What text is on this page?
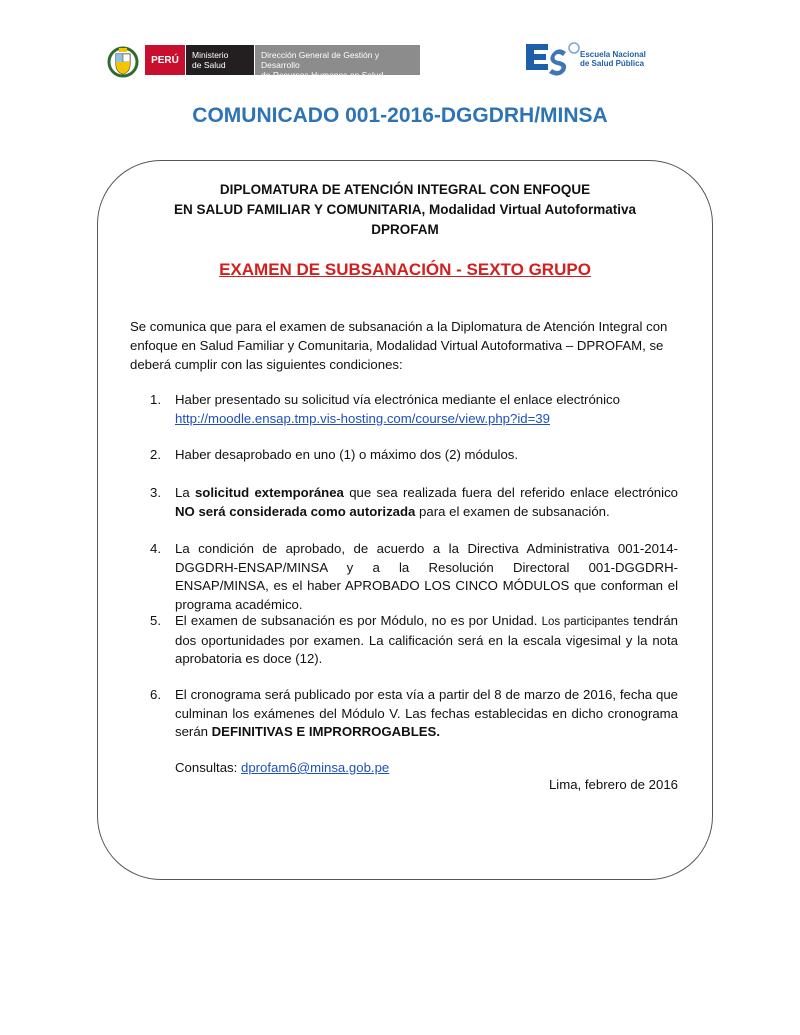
PERÚ	Ministerio
de Salud
Dirección General de Gestión y Desarrollo
de Recursos Humanos en Salud
Escuela Nacional
de Salud Pública
COMUNICADO 001-2016-DGGDRH/MINSA
DIPLOMATURA DE ATENCIÓN INTEGRAL CON ENFOQUE
EN SALUD FAMILIAR Y COMUNITARIA, Modalidad Virtual Autoformativa
DPROFAM
EXAMEN DE SUBSANACIÓN - SEXTO GRUPO
Se comunica que para el examen de subsanación a la Diplomatura de Atención Integral con enfoque en Salud Familiar y Comunitaria, Modalidad Virtual Autoformativa – DPROFAM, se deberá cumplir con las siguientes condiciones:
1. Haber presentado su solicitud vía electrónica mediante el enlace electrónico
http://moodle.ensap.tmp.vis-hosting.com/course/view.php?id=39
2. Haber desaprobado en uno (1) o máximo dos (2) módulos.
3. La solicitud extemporánea que sea realizada fuera del referido enlace electrónico NO será considerada como autorizada para el examen de subsanación.
4. La condición de aprobado, de acuerdo a la Directiva Administrativa 001-2014-DGGDRH-ENSAP/MINSA y a la Resolución Directoral 001-DGGDRH-ENSAP/MINSA, es el haber APROBADO LOS CINCO MÓDULOS que conforman el programa académico.
5. El examen de subsanación es por Módulo, no es por Unidad. Los participantes tendrán dos oportunidades por examen. La calificación será en la escala vigesimal y la nota aprobatoria es doce (12).
6. El cronograma será publicado por esta vía a partir del 8 de marzo de 2016, fecha que culminan los exámenes del Módulo V. Las fechas establecidas en dicho cronograma serán DEFINITIVAS E IMPRORROGABLES.
Consultas: dprofam6@minsa.gob.pe
Lima, febrero de 2016
